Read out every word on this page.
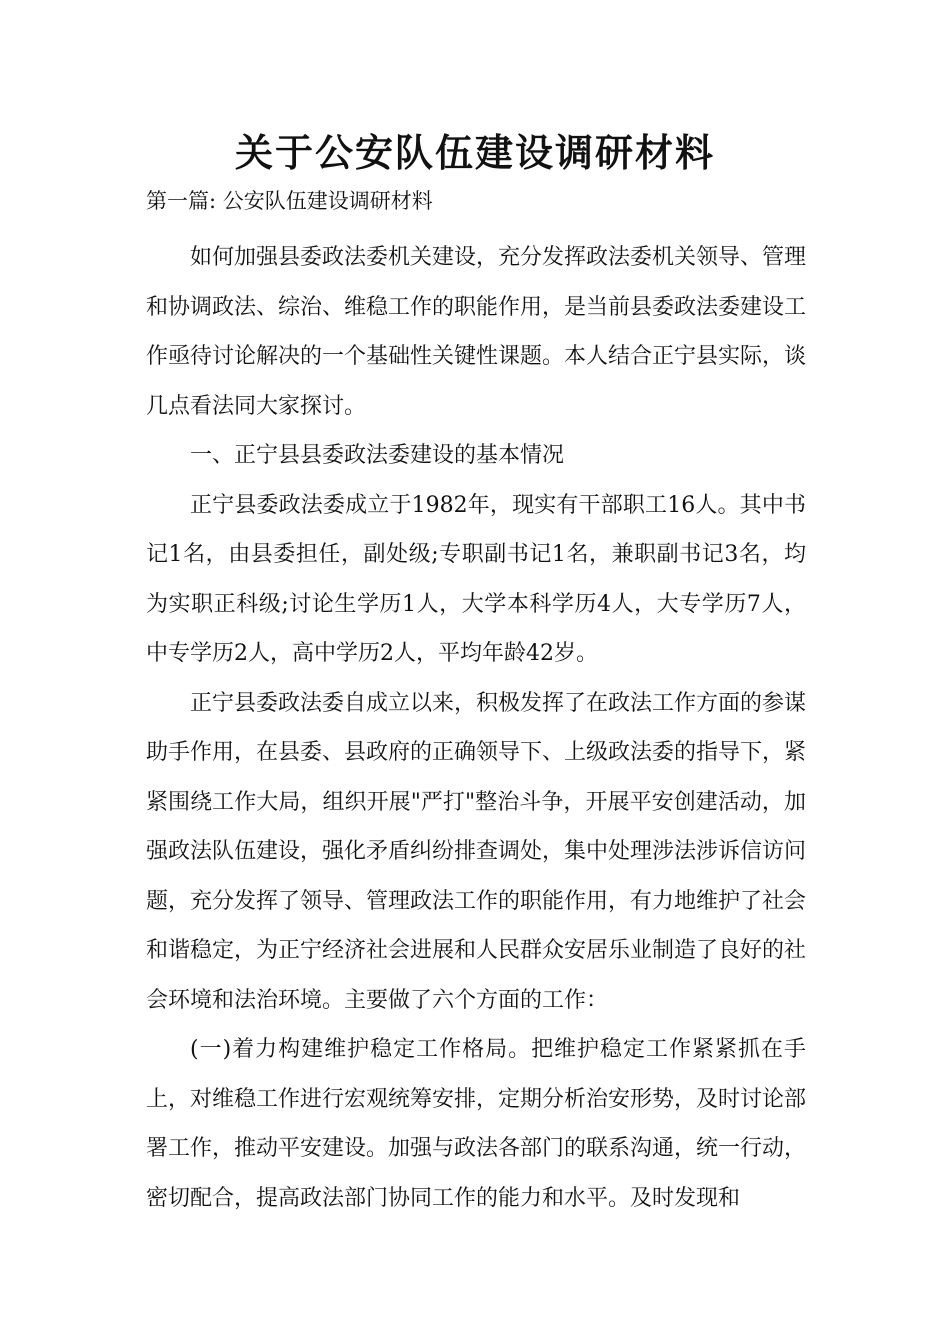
关于公安队伍建设调研材料

第一篇: 公安队伍建设调研材料

如何加强县委政法委机关建设，充分发挥政法委机关领导、管理和协调政法、综治、维稳工作的职能作用，是当前县委政法委建设工作亟待讨论解决的一个基础性关键性课题。本人结合正宁县实际，谈几点看法同大家探讨。

一、正宁县县委政法委建设的基本情况

正宁县委政法委成立于1982年，现实有干部职工16人。其中书记1名，由县委担任，副处级;专职副书记1名，兼职副书记3名，均为实职正科级;讨论生学历1人，大学本科学历4人，大专学历7人，中专学历2人，高中学历2人，平均年龄42岁。

正宁县委政法委自成立以来，积极发挥了在政法工作方面的参谋助手作用，在县委、县政府的正确领导下、上级政法委的指导下，紧紧围绕工作大局，组织开展"严打"整治斗争，开展平安创建活动，加强政法队伍建设，强化矛盾纠纷排查调处，集中处理涉法涉诉信访问题，充分发挥了领导、管理政法工作的职能作用，有力地维护了社会和谐稳定，为正宁经济社会进展和人民群众安居乐业制造了良好的社会环境和法治环境。主要做了六个方面的工作：

(一)着力构建维护稳定工作格局。把维护稳定工作紧紧抓在手上，对维稳工作进行宏观统筹安排，定期分析治安形势，及时讨论部署工作，推动平安建设。加强与政法各部门的联系沟通，统一行动，密切配合，提高政法部门协同工作的能力和水平。及时发现和
